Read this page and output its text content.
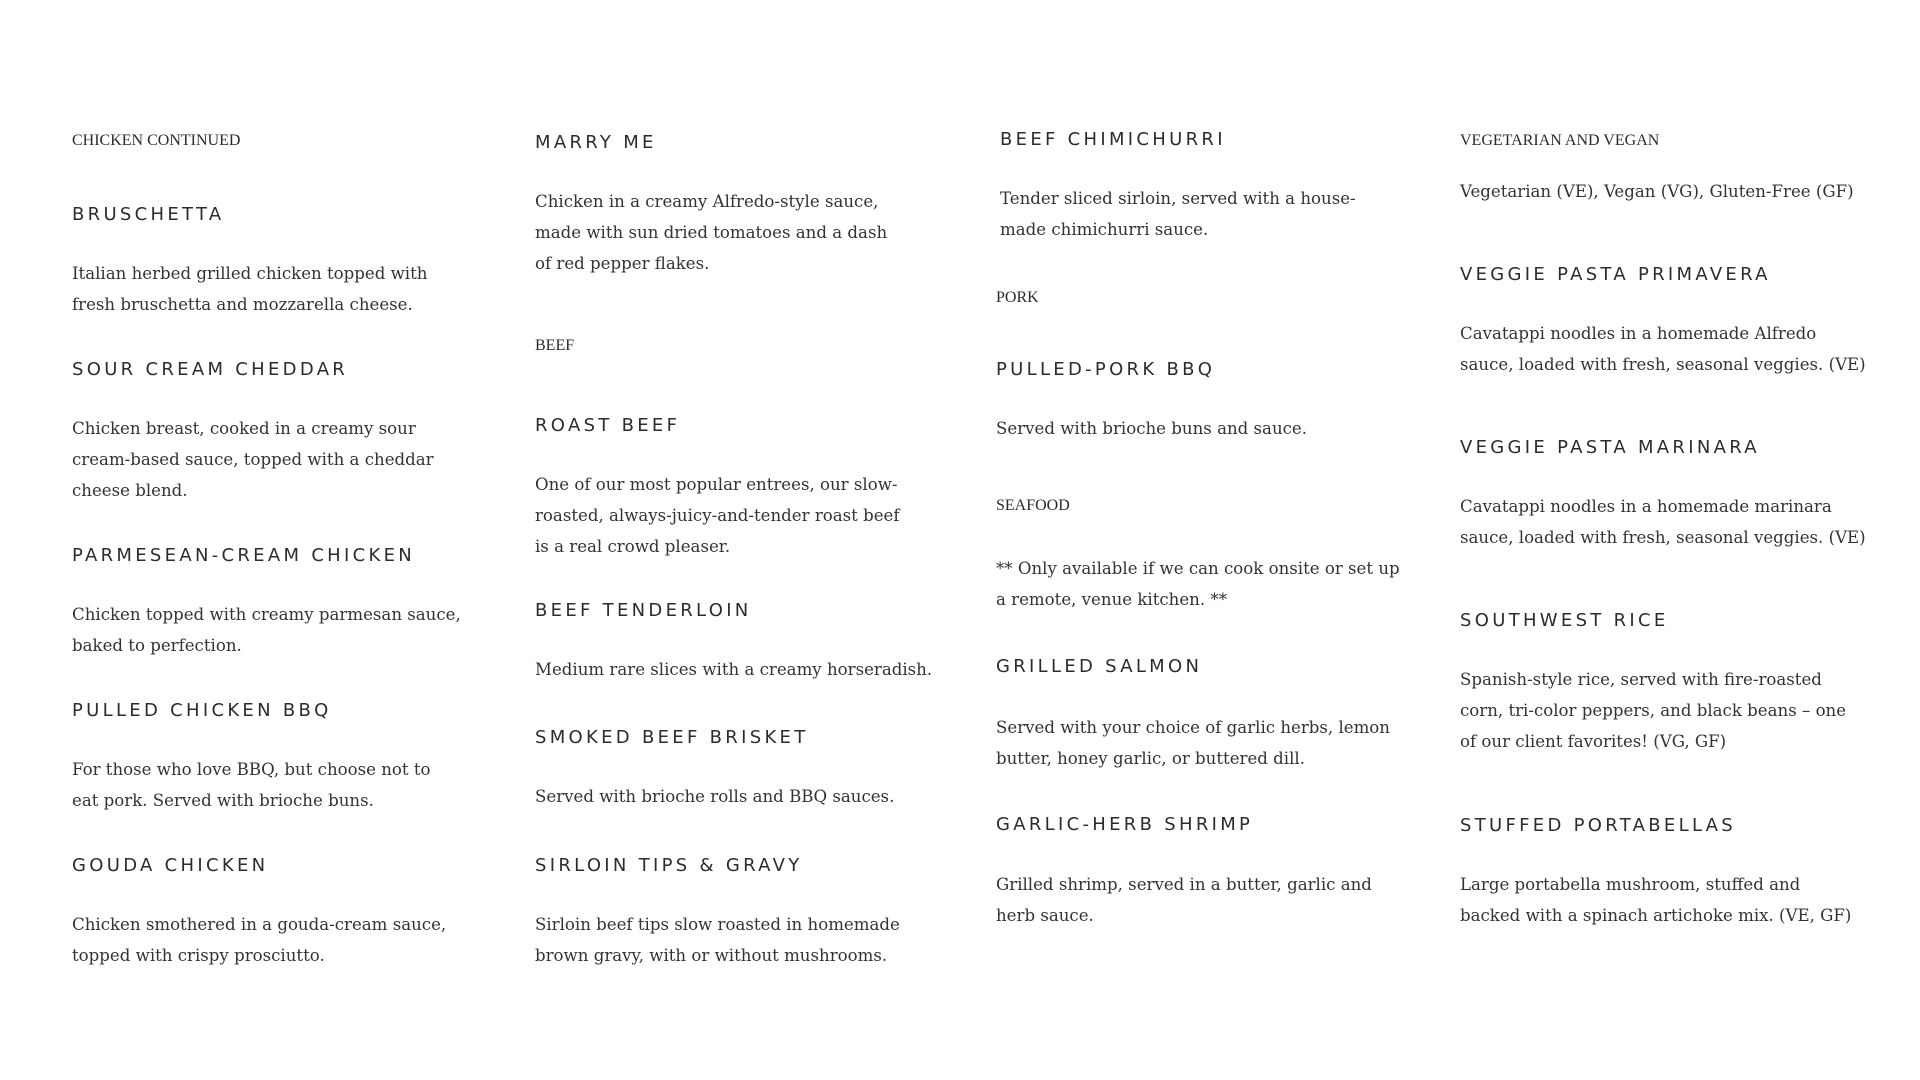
CHICKEN CONTINUED
BRUSCHETTA
Italian herbed grilled chicken topped with
fresh bruschetta and mozzarella cheese.
SOUR CREAM CHEDDAR
Chicken breast, cooked in a creamy sour
cream-based sauce, topped with a cheddar
cheese blend.
PARMESEAN-CREAM CHICKEN
Chicken topped with creamy parmesan sauce,
baked to perfection.
PULLED CHICKEN BBQ
For those who love BBQ, but choose not to
eat pork. Served with brioche buns.
GOUDA CHICKEN
Chicken smothered in a gouda-cream sauce,
topped with crispy prosciutto.
MARRY ME
Chicken in a creamy Alfredo-style sauce,
made with sun dried tomatoes and a dash
of red pepper flakes.
BEEF
ROAST BEEF
One of our most popular entrees, our slow-
roasted, always-juicy-and-tender roast beef
is a real crowd pleaser.
BEEF TENDERLOIN
Medium rare slices with a creamy horseradish.
SMOKED BEEF BRISKET
Served with brioche rolls and BBQ sauces.
SIRLOIN TIPS & GRAVY
Sirloin beef tips slow roasted in homemade
brown gravy, with or without mushrooms.
BEEF CHIMICHURRI
Tender sliced sirloin, served with a house-
made chimichurri sauce.
PORK
PULLED-PORK BBQ
Served with brioche buns and sauce.
SEAFOOD
** Only available if we can cook onsite or set up
a remote, venue kitchen. **
GRILLED SALMON
Served with your choice of garlic herbs, lemon
butter, honey garlic, or buttered dill.
GARLIC-HERB SHRIMP
Grilled shrimp, served in a butter, garlic and
herb sauce.
VEGETARIAN AND VEGAN
Vegetarian (VE), Vegan (VG), Gluten-Free (GF)
VEGGIE PASTA PRIMAVERA
Cavatappi noodles in a homemade Alfredo
sauce, loaded with fresh, seasonal veggies. (VE)
VEGGIE PASTA MARINARA
Cavatappi noodles in a homemade marinara
sauce, loaded with fresh, seasonal veggies. (VE)
SOUTHWEST RICE
Spanish-style rice, served with fire-roasted
corn, tri-color peppers, and black beans – one
of our client favorites! (VG, GF)
STUFFED PORTABELLAS
Large portabella mushroom, stuffed and
backed with a spinach artichoke mix. (VE, GF)
